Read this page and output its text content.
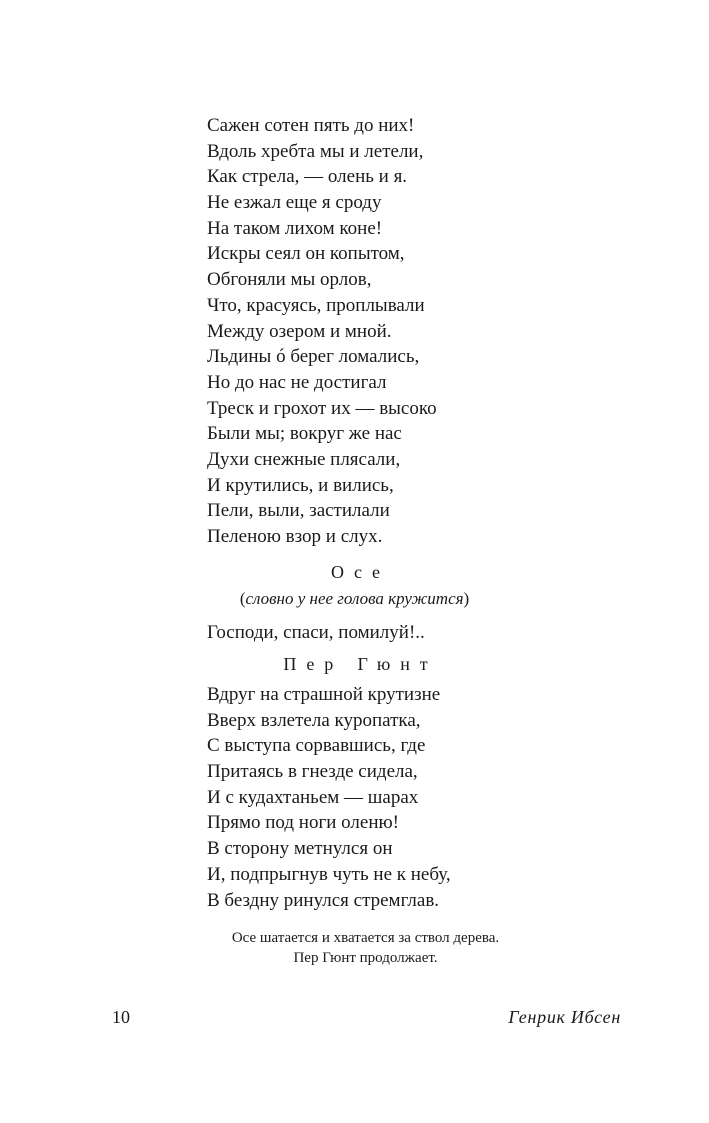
Сажен сотен пять до них!
Вдоль хребта мы и летели,
Как стрела, — олень и я.
Не езжал еще я сроду
На таком лихом коне!
Искры сеял он копытом,
Обгоняли мы орлов,
Что, красуясь, проплывали
Между озером и мной.
Льдины ó берег ломались,
Но до нас не достигал
Треск и грохот их — высоко
Были мы; вокруг же нас
Духи снежные плясали,
И крутились, и вились,
Пели, выли, застилали
Пеленою взор и слух.
Осе
(словно у нее голова кружится)
Господи, спаси, помилуй!..
Пер Гюнт
Вдруг на страшной крутизне
Вверх взлетела куропатка,
С выступа сорвавшись, где
Притаясь в гнезде сидела,
И с кудахтаньем — шарах
Прямо под ноги оленю!
В сторону метнулся он
И, подпрыгнув чуть не к небу,
В бездну ринулся стремглав.
Осе шатается и хватается за ствол дерева.
Пер Гюнт продолжает.
10	Генрик Ибсен
